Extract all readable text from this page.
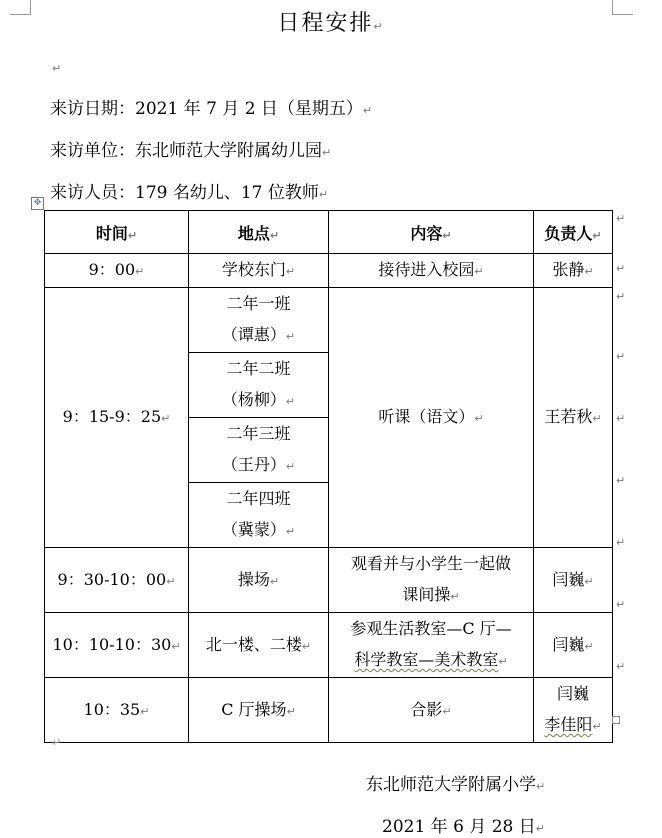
日程安排↵
↵
来访日期：2021 年 7 月 2 日（星期五）↵
来访单位：东北师范大学附属幼儿园↵
来访人员：179 名幼儿、17 位教师↵
✥
时间↵	地点↵	内容↵	负责人↵
9：00↵	学校东门↵	接待进入校园↵	张静↵
9：15-9：25↵	二年一班
（谭惠）↵	听课（语文）↵	王若秋↵
	二年二班
（杨柳）↵		
	二年三班
（王丹）↵		
	二年四班
（冀蒙）↵		
9：30-10：00↵	操场↵	观看并与小学生一起做
课间操↵	闫巍↵
10：10-10：30↵	北一楼、二楼↵	参观生活教室—C 厅—
科学教室—美术教室↵	闫巍↵
10：35↵	C 厅操场↵	合影↵	闫巍
李佳阳↵
↵
↵
↵
↵
↵
↵
↵
↵
↵
↵
东北师范大学附属小学↵
2021 年 6 月 28 日↵
